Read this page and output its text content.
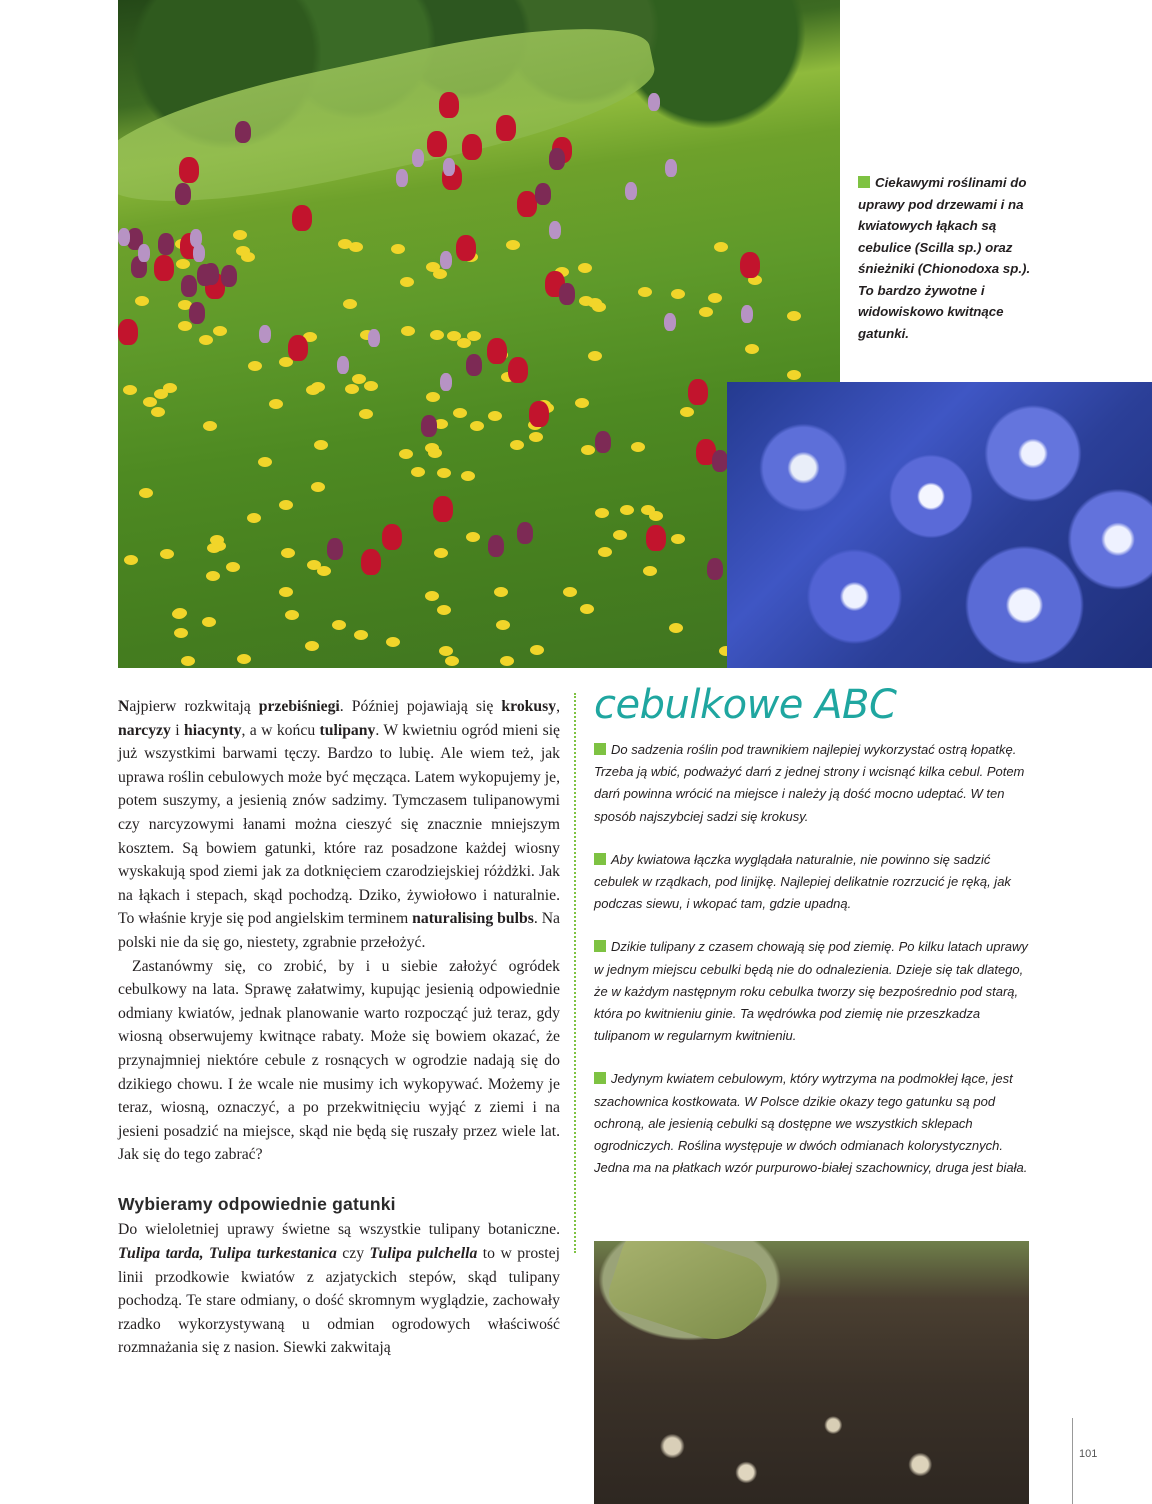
Ciekawymi roślinami do uprawy pod drzewami i na kwiatowych łąkach są cebulice (Scilla sp.) oraz śnieżniki (Chionodoxa sp.). To bardzo żywotne i widowiskowo kwitnące gatunki.

Najpierw rozkwitają przebiśniegi. Później pojawiają się krokusy, narcyzy i hiacynty, a w końcu tulipany. W kwietniu ogród mieni się już wszystkimi barwami tęczy. Bardzo to lubię. Ale wiem też, jak uprawa roślin cebulowych może być męcząca. Latem wykopujemy je, potem suszymy, a jesienią znów sadzimy. Tymczasem tulipanowymi czy narcyzowymi łanami można cieszyć się znacznie mniejszym kosztem. Są bowiem gatunki, które raz posadzone każdej wiosny wyskakują spod ziemi jak za dotknięciem czarodziejskiej różdżki. Jak na łąkach i stepach, skąd pochodzą. Dziko, żywiołowo i naturalnie. To właśnie kryje się pod angielskim terminem naturalising bulbs. Na polski nie da się go, niestety, zgrabnie przełożyć.

Zastanówmy się, co zrobić, by i u siebie założyć ogródek cebulkowy na lata. Sprawę załatwimy, kupując jesienią odpowiednie odmiany kwiatów, jednak planowanie warto rozpocząć już teraz, gdy wiosną obserwujemy kwitnące rabaty. Może się bowiem okazać, że przynajmniej niektóre cebule z rosnących w ogrodzie nadają się do dzikiego chowu. I że wcale nie musimy ich wykopywać. Możemy je teraz, wiosną, oznaczyć, a po przekwitnięciu wyjąć z ziemi i na jesieni posadzić na miejsce, skąd nie będą się ruszały przez wiele lat. Jak się do tego zabrać?

Wybieramy odpowiednie gatunki

Do wieloletniej uprawy świetne są wszystkie tulipany botaniczne. Tulipa tarda, Tulipa turkestanica czy Tulipa pulchella to w prostej linii przodkowie kwiatów z azjatyckich stepów, skąd tulipany pochodzą. Te stare odmiany, o dość skromnym wyglądzie, zachowały rzadko wykorzystywaną u odmian ogrodowych właściwość rozmnażania się z nasion. Siewki zakwitają

cebulkowe ABC

Do sadzenia roślin pod trawnikiem najlepiej wykorzystać ostrą łopatkę. Trzeba ją wbić, podważyć darń z jednej strony i wcisnąć kilka cebul. Potem darń powinna wrócić na miejsce i należy ją dość mocno udeptać. W ten sposób najszybciej sadzi się krokusy.

Aby kwiatowa łączka wyglądała naturalnie, nie powinno się sadzić cebulek w rządkach, pod linijkę. Najlepiej delikatnie rozrzucić je ręką, jak podczas siewu, i wkopać tam, gdzie upadną.

Dzikie tulipany z czasem chowają się pod ziemię. Po kilku latach uprawy w jednym miejscu cebulki będą nie do odnalezienia. Dzieje się tak dlatego, że w każdym następnym roku cebulka tworzy się bezpośrednio pod starą, która po kwitnieniu ginie. Ta wędrówka pod ziemię nie przeszkadza tulipanom w regularnym kwitnieniu.

Jedynym kwiatem cebulowym, który wytrzyma na podmokłej łące, jest szachownica kostkowata. W Polsce dzikie okazy tego gatunku są pod ochroną, ale jesienią cebulki są dostępne we wszystkich sklepach ogrodniczych. Roślina występuje w dwóch odmianach kolorystycznych. Jedna ma na płatkach wzór purpurowo-białej szachownicy, druga jest biała.

101
